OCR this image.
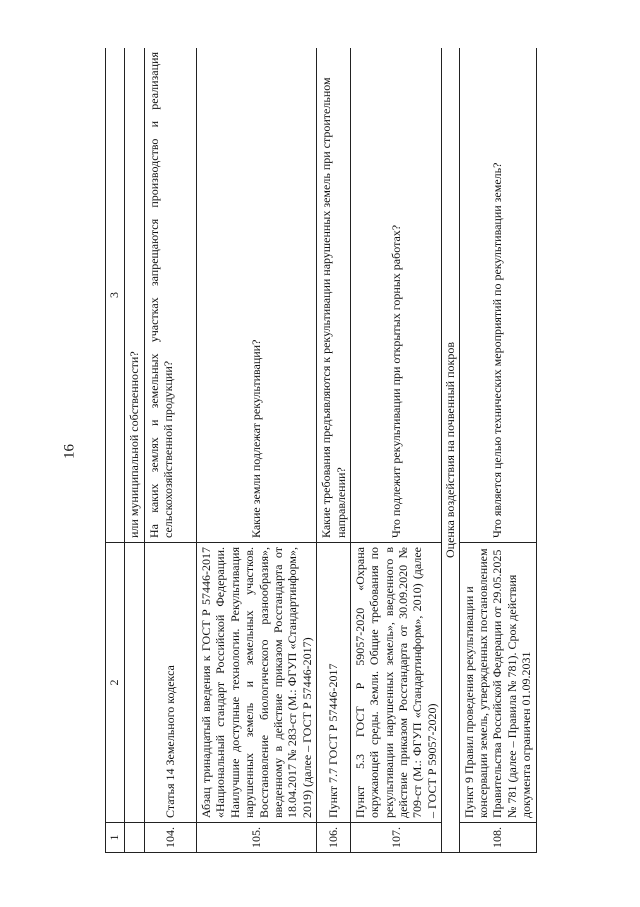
16
1	2	3
		или муниципальной собственности?
104.	Статья 14 Земельного кодекса	На каких землях и земельных участках запрещаются производство и реализация сельскохозяйственной продукции?
105.	Абзац тринадцатый введения к ГОСТ Р 57446-2017 «Национальный стандарт Российской Федерации. Наилучшие доступные технологии. Рекультивация нарушенных земель и земельных участков. Восстановление биологического разнообразия», введенному в действие приказом Росстандарта от 18.04.2017 № 283-ст (М.: ФГУП «Стандартинформ», 2019) (далее – ГОСТ Р 57446-2017)	Какие земли подлежат рекультивации?
106.	Пункт 7.7 ГОСТ Р 57446-2017	Какие требования предъявляются к рекультивации нарушенных земель при строительном направлении?
107.	Пункт 5.3 ГОСТ Р 59057-2020 «Охрана окружающей среды. Земли. Общие требования по рекультивации нарушенных земель», введенного в действие приказом Росстандарта от 30.09.2020 № 709-ст (М.: ФГУП «Стандартинформ», 2010) (далее – ГОСТ Р 59057-2020)	Что подлежит рекультивации при открытых горных работах?
Оценка воздействия на почвенный покров		
108.	Пункт 9 Правил проведения рекультивации и консервации земель, утвержденных постановлением Правительства Российской Федерации от 29.05.2025 № 781 (далее – Правила № 781). Срок действия документа ограничен 01.09.2031	Что является целью технических мероприятий по рекультивации земель?
